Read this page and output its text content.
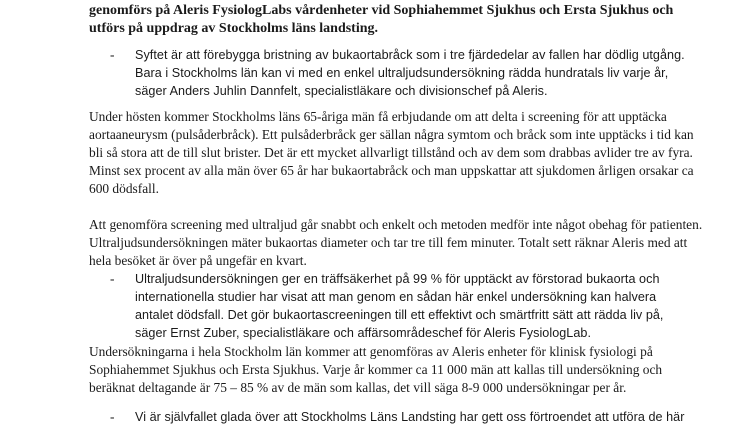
genomförs på Aleris FysiologLabs vårdenheter vid Sophiahemmet Sjukhus och Ersta Sjukhus och utförs på uppdrag av Stockholms läns landsting.

- Syftet är att förebygga bristning av bukaortabråck som i tre fjärdedelar av fallen har dödlig utgång. Bara i Stockholms län kan vi med en enkel ultraljudsundersökning rädda hundratals liv varje år, säger Anders Juhlin Dannfelt, specialistläkare och divisionschef på Aleris.

Under hösten kommer Stockholms läns 65-åriga män få erbjudande om att delta i screening för att upptäcka aortaaneurysm (pulsåderbråck). Ett pulsåderbråck ger sällan några symtom och bråck som inte upptäcks i tid kan bli så stora att de till slut brister. Det är ett mycket allvarligt tillstånd och av dem som drabbas avlider tre av fyra. Minst sex procent av alla män över 65 år har bukaortabråck och man uppskattar att sjukdomen årligen orsakar ca 600 dödsfall.

Att genomföra screening med ultraljud går snabbt och enkelt och metoden medför inte något obehag för patienten. Ultraljudsundersökningen mäter bukaortas diameter och tar tre till fem minuter. Totalt sett räknar Aleris med att hela besöket är över på ungefär en kvart.

- Ultraljudsundersökningen ger en träffsäkerhet på 99 % för upptäckt av förstorad bukaorta och internationella studier har visat att man genom en sådan här enkel undersökning kan halvera antalet dödsfall. Det gör bukaortascreeningen till ett effektivt och smärtfritt sätt att rädda liv på, säger Ernst Zuber, specialistläkare och affärsområdeschef för Aleris FysiologLab.

Undersökningarna i hela Stockholm län kommer att genomföras av Aleris enheter för klinisk fysiologi på Sophiahemmet Sjukhus och Ersta Sjukhus. Varje år kommer ca 11 000 män att kallas till undersökning och beräknat deltagande är 75 – 85 % av de män som kallas, det vill säga 8-9 000 undersökningar per år.

- Vi är självfallet glada över att Stockholms Läns Landsting har gett oss förtroendet att utföra de här
